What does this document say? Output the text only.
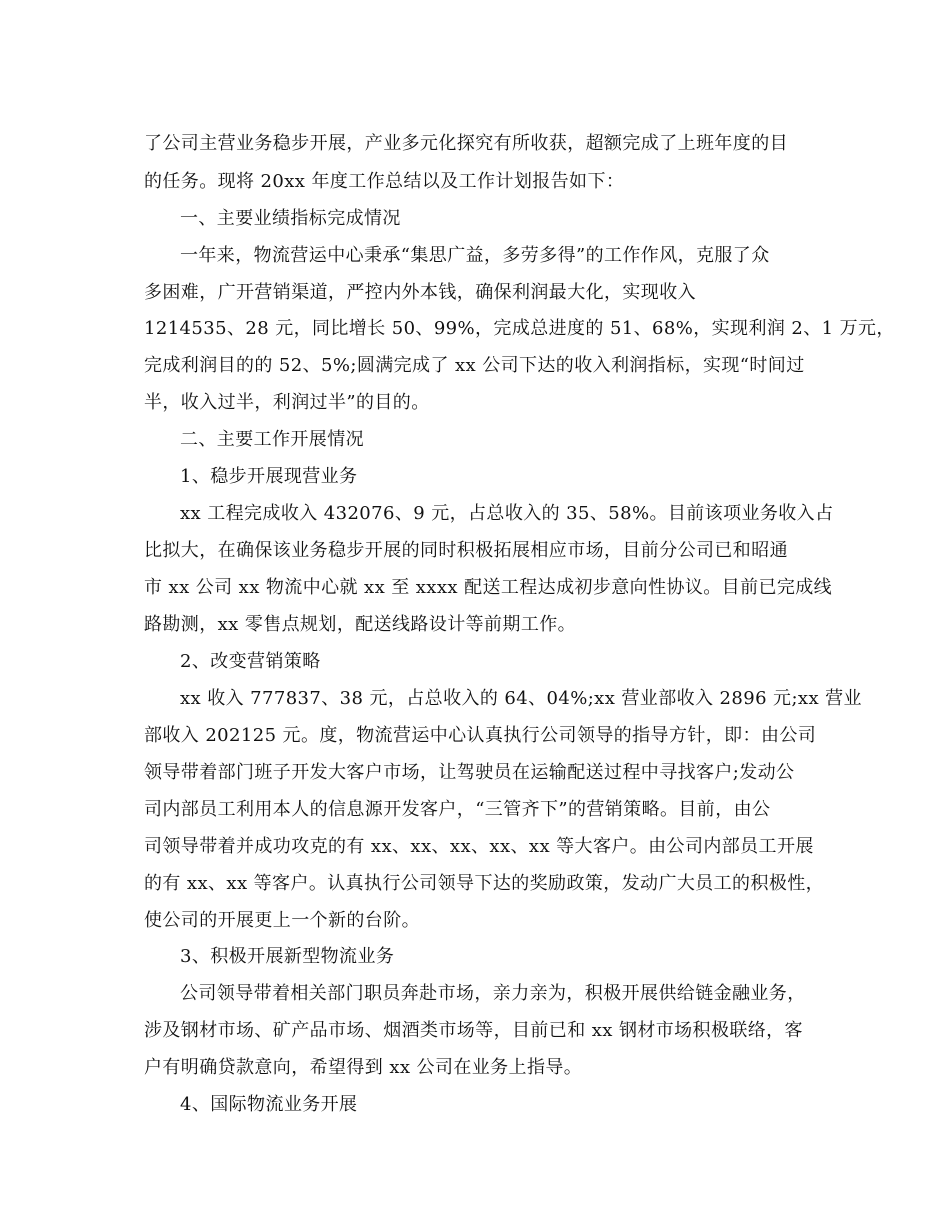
了公司主营业务稳步开展，产业多元化探究有所收获，超额完成了上班年度的目
的任务。现将 20xx 年度工作总结以及工作计划报告如下：
一、主要业绩指标完成情况
一年来，物流营运中心秉承“集思广益，多劳多得”的工作作风，克服了众
多困难，广开营销渠道，严控内外本钱，确保利润最大化，实现收入
1214535、28 元，同比增长 50、99%，完成总进度的 51、68%，实现利润 2、1 万元，
完成利润目的的 52、5%;圆满完成了 xx 公司下达的收入利润指标，实现“时间过
半，收入过半，利润过半”的目的。
二、主要工作开展情况
1、稳步开展现营业务
xx 工程完成收入 432076、9 元，占总收入的 35、58%。目前该项业务收入占
比拟大，在确保该业务稳步开展的同时积极拓展相应市场，目前分公司已和昭通
市 xx 公司 xx 物流中心就 xx 至 xxxx 配送工程达成初步意向性协议。目前已完成线
路勘测，xx 零售点规划，配送线路设计等前期工作。
2、改变营销策略
xx 收入 777837、38 元，占总收入的 64、04%;xx 营业部收入 2896 元;xx 营业
部收入 202125 元。度，物流营运中心认真执行公司领导的指导方针，即：由公司
领导带着部门班子开发大客户市场，让驾驶员在运输配送过程中寻找客户;发动公
司内部员工利用本人的信息源开发客户，“三管齐下”的营销策略。目前，由公
司领导带着并成功攻克的有 xx、xx、xx、xx、xx 等大客户。由公司内部员工开展
的有 xx、xx 等客户。认真执行公司领导下达的奖励政策，发动广大员工的积极性，
使公司的开展更上一个新的台阶。
3、积极开展新型物流业务
公司领导带着相关部门职员奔赴市场，亲力亲为，积极开展供给链金融业务，
涉及钢材市场、矿产品市场、烟酒类市场等，目前已和 xx 钢材市场积极联络，客
户有明确贷款意向，希望得到 xx 公司在业务上指导。
4、国际物流业务开展
